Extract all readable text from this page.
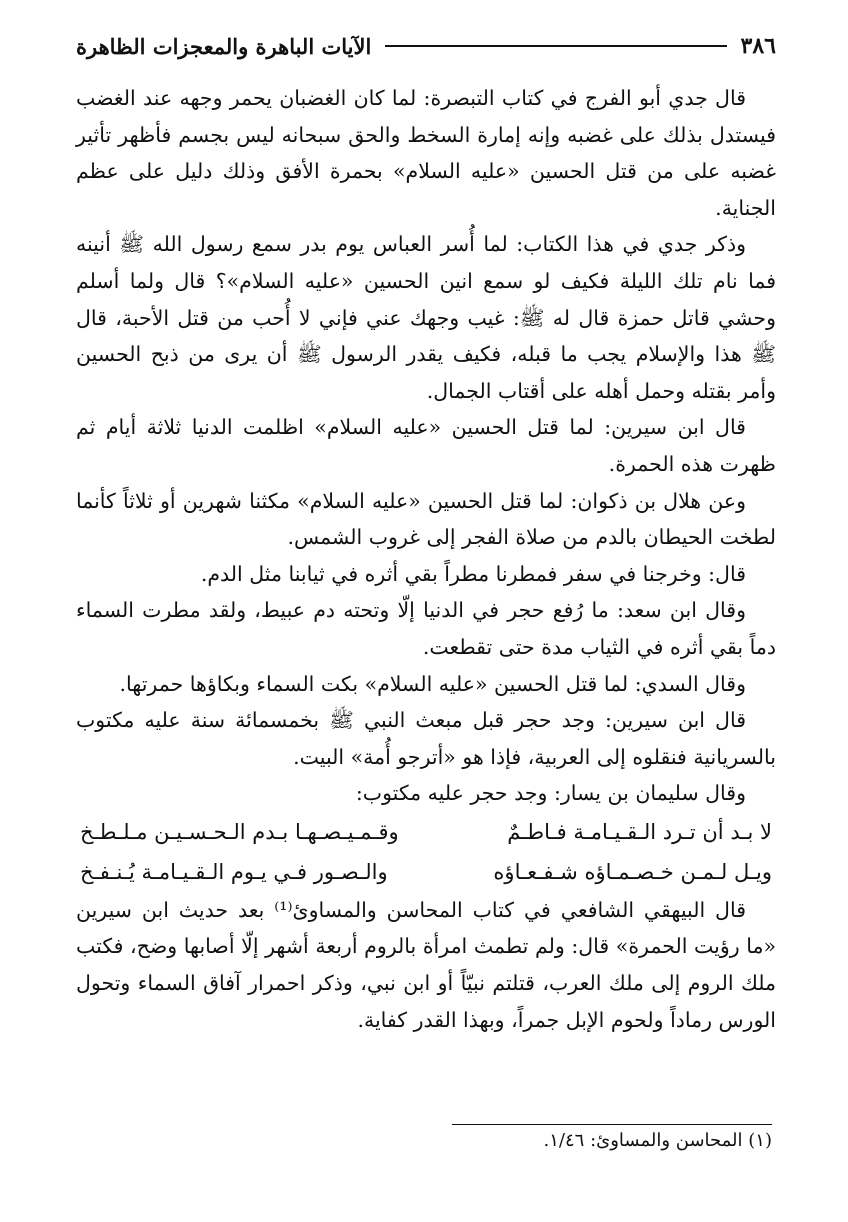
٣٨٦
الآيات الباهرة والمعجزات الظاهرة

قال جدي أبو الفرج في كتاب التبصرة: لما كان الغضبان يحمر وجهه عند الغضب فيستدل بذلك على غضبه وإنه إمارة السخط والحق سبحانه ليس بجسم فأظهر تأثير غضبه على من قتل الحسين «عليه السلام» بحمرة الأفق وذلك دليل على عظم الجناية.

وذكر جدي في هذا الكتاب: لما أُسر العباس يوم بدر سمع رسول الله ﷺ أنينه فما نام تلك الليلة فكيف لو سمع انين الحسين «عليه السلام»؟ قال ولما أسلم وحشي قاتل حمزة قال له ﷺ: غيب وجهك عني فإني لا أُحب من قتل الأحبة، قال ﷺ هذا والإسلام يجب ما قبله، فكيف يقدر الرسول ﷺ أن يرى من ذبح الحسين وأمر بقتله وحمل أهله على أقتاب الجمال.

قال ابن سيرين: لما قتل الحسين «عليه السلام» اظلمت الدنيا ثلاثة أيام ثم ظهرت هذه الحمرة.

وعن هلال بن ذكوان: لما قتل الحسين «عليه السلام» مكثنا شهرين أو ثلاثاً كأنما لطخت الحيطان بالدم من صلاة الفجر إلى غروب الشمس.

قال: وخرجنا في سفر فمطرنا مطراً بقي أثره في ثيابنا مثل الدم.

وقال ابن سعد: ما رُفع حجر في الدنيا إلّا وتحته دم عبيط، ولقد مطرت السماء دماً بقي أثره في الثياب مدة حتى تقطعت.

وقال السدي: لما قتل الحسين «عليه السلام» بكت السماء وبكاؤها حمرتها.

قال ابن سيرين: وجد حجر قبل مبعث النبي ﷺ بخمسمائة سنة عليه مكتوب بالسريانية فنقلوه إلى العربية، فإذا هو «أترجو أُمة» البيت.

وقال سليمان بن يسار: وجد حجر عليه مكتوب:

لا بـد أن تـرد الـقـيـامـة فـاطـمٌ
وقـمـيـصـهـا بـدم الـحـسـيـن مـلـطـخ
ويـل لـمـن خـصـمـاؤه شـفـعـاؤه
والـصـور فـي يـوم الـقـيـامـة يُـنـفـخ

قال البيهقي الشافعي في كتاب المحاسن والمساوئ⁽¹⁾ بعد حديث ابن سيرين «ما رؤيت الحمرة» قال: ولم تطمث امرأة بالروم أربعة أشهر إلّا أصابها وضح، فكتب ملك الروم إلى ملك العرب، قتلتم نبيّاً أو ابن نبي، وذكر احمرار آفاق السماء وتحول الورس رماداً ولحوم الإبل جمراً، وبهذا القدر كفاية.

(١) المحاسن والمساوئ: ١/٤٦.
